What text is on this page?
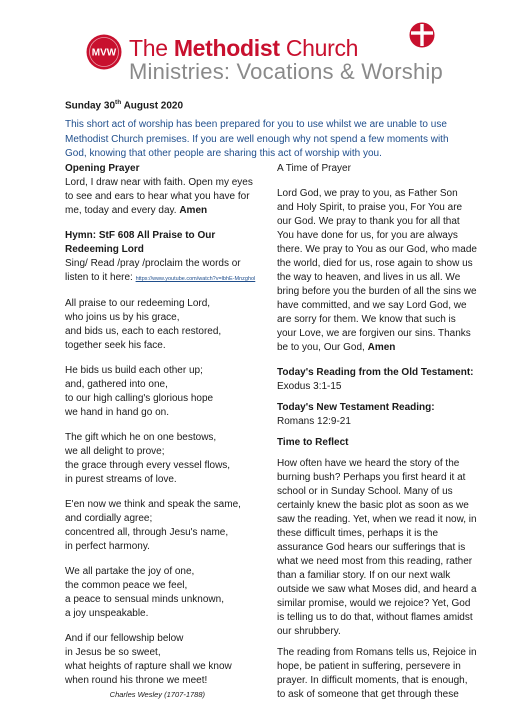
MVW The Methodist Church
Ministries: Vocations & Worship
Sunday 30th August 2020
This short act of worship has been prepared for you to use whilst we are unable to use Methodist Church premises. If you are well enough why not spend a few moments with God, knowing that other people are sharing this act of worship with you.

Opening Prayer

Lord, I draw near with faith. Open my eyes to see and ears to hear what you have for me, today and every day. Amen

Hymn: StF 608 All Praise to Our Redeeming Lord

Sing/ Read /pray /proclaim the words or listen to it here: https://www.youtube.com/watch?v=lbhE-Mnzghol

All praise to our redeeming Lord,
who joins us by his grace,
and bids us, each to each restored,
together seek his face.

He bids us build each other up;
and, gathered into one,
to our high calling's glorious hope
we hand in hand go on.

The gift which he on one bestows,
we all delight to prove;
the grace through every vessel flows,
in purest streams of love.

E'en now we think and speak the same,
and cordially agree;
concentred all, through Jesu's name,
in perfect harmony.

We all partake the joy of one,
the common peace we feel,
a peace to sensual minds unknown,
a joy unspeakable.

And if our fellowship below
in Jesus be so sweet,
what heights of rapture shall we know
when round his throne we meet!

Charles Wesley (1707-1788)

A Time of Prayer

Lord God, we pray to you, as Father Son and Holy Spirit, to praise you, For You are our God. We pray to thank you for all that You have done for us, for you are always there. We pray to You as our God, who made the world, died for us, rose again to show us the way to heaven, and lives in us all. We bring before you the burden of all the sins we have committed, and we say Lord God, we are sorry for them. We know that such is your Love, we are forgiven our sins. Thanks be to you, Our God, Amen

Today's Reading from the Old Testament:

Exodus 3:1-15

Today's New Testament Reading:

Romans 12:9-21

Time to Reflect

How often have we heard the story of the burning bush? Perhaps you first heard it at school or in Sunday School. Many of us certainly knew the basic plot as soon as we saw the reading. Yet, when we read it now, in these difficult times, perhaps it is the assurance God hears our sufferings that is what we need most from this reading, rather than a familiar story. If on our next walk outside we saw what Moses did, and heard a similar promise, would we rejoice? Yet, God is telling us to do that, without flames amidst our shrubbery.

The reading from Romans tells us, Rejoice in hope, be patient in suffering, persevere in prayer. In difficult moments, that is enough, to ask of someone that get through these
